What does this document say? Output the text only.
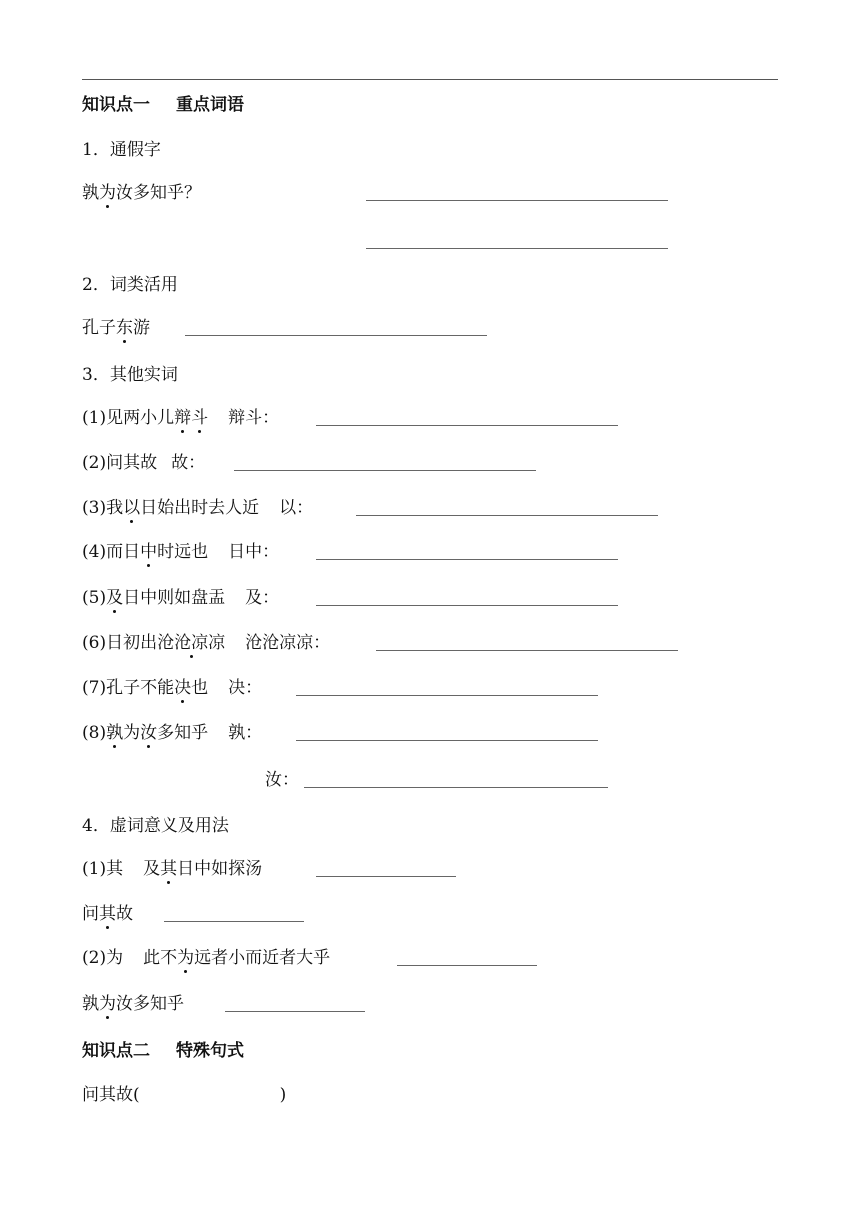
知识点一 重点词语
1．通假字
孰为汝多知乎？
2．词类活用
孔子东游
3．其他实词
(1)见两小儿辩斗 辩斗：
(2)问其故 故：
(3)我以日始出时去人近 以：
(4)而日中时远也 日中：
(5)及日中则如盘盂 及：
(6)日初出沧沧凉凉 沧沧凉凉：
(7)孔子不能决也 决：
(8)孰为汝多知乎 孰：
汝：
4．虚词意义及用法
(1)其 及其日中如探汤
问其故
(2)为 此不为远者小而近者大乎
孰为汝多知乎
知识点二 特殊句式
问其故(	)
